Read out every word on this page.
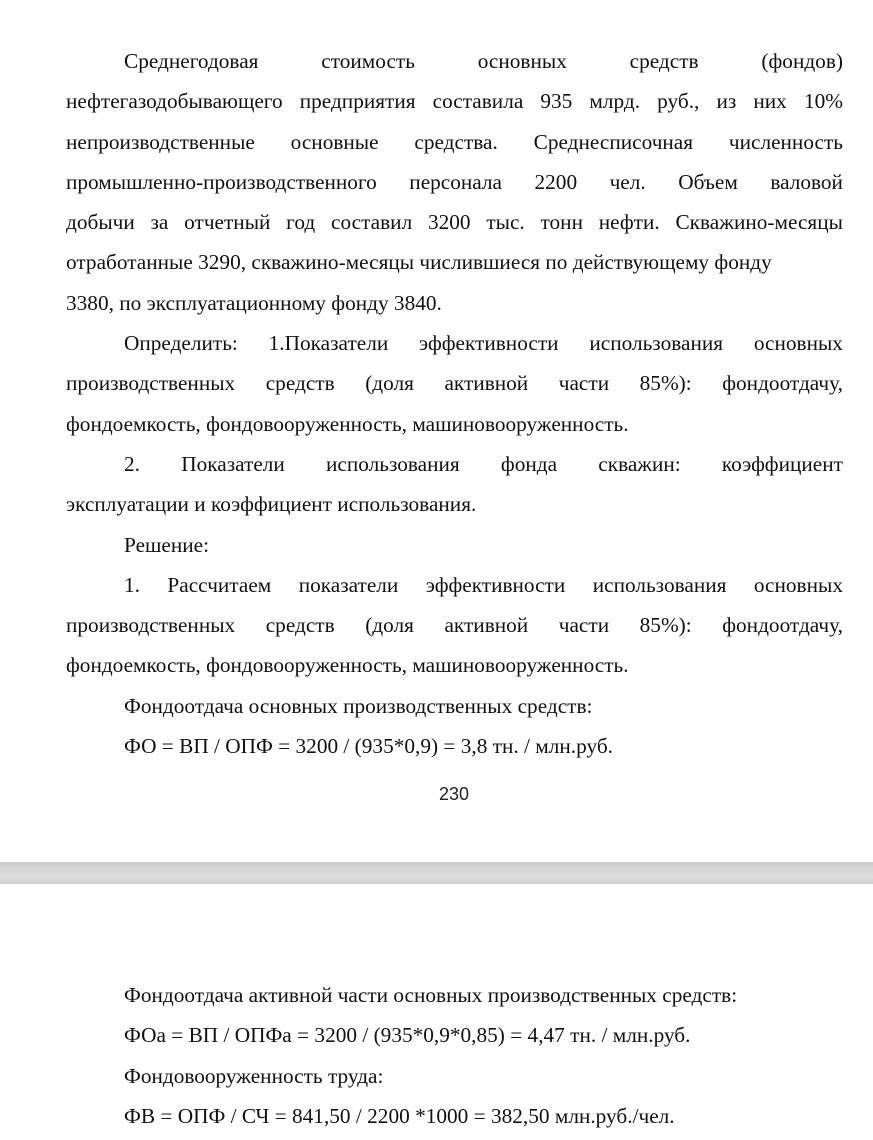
Среднегодовая	стоимость	основных	средств	(фондов)
нефтегазодобывающего предприятия составила 935 млрд. руб., из них 10%
непроизводственные основные средства. Среднесписочная численность
промышленно-производственного персонала 2200 чел. Объем валовой
добычи за отчетный год составил 3200 тыс. тонн нефти. Скважино-месяцы
отработанные 3290, скважино-месяцы числившиеся по действующему фонду
3380, по эксплуатационному фонду 3840.
Определить: 1.Показатели эффективности использования основных
производственных средств (доля активной части 85%): фондоотдачу,
фондоемкость, фондовооруженность, машиновооруженность.
2. Показатели использования фонда скважин: коэффициент
эксплуатации и коэффициент использования.
Решение:
1. Рассчитаем показатели эффективности использования основных
производственных средств (доля активной части 85%): фондоотдачу,
фондоемкость, фондовооруженность, машиновооруженность.
Фондоотдача основных производственных средств:
ФО = ВП / ОПФ = 3200 / (935*0,9) = 3,8 тн. / млн.руб.
230
Фондоотдача активной части основных производственных средств:
ФОа = ВП / ОПФа = 3200 / (935*0,9*0,85) = 4,47 тн. / млн.руб.
Фондовооруженность труда:
ФВ = ОПФ / СЧ = 841,50 / 2200 *1000 = 382,50 млн.руб./чел.
